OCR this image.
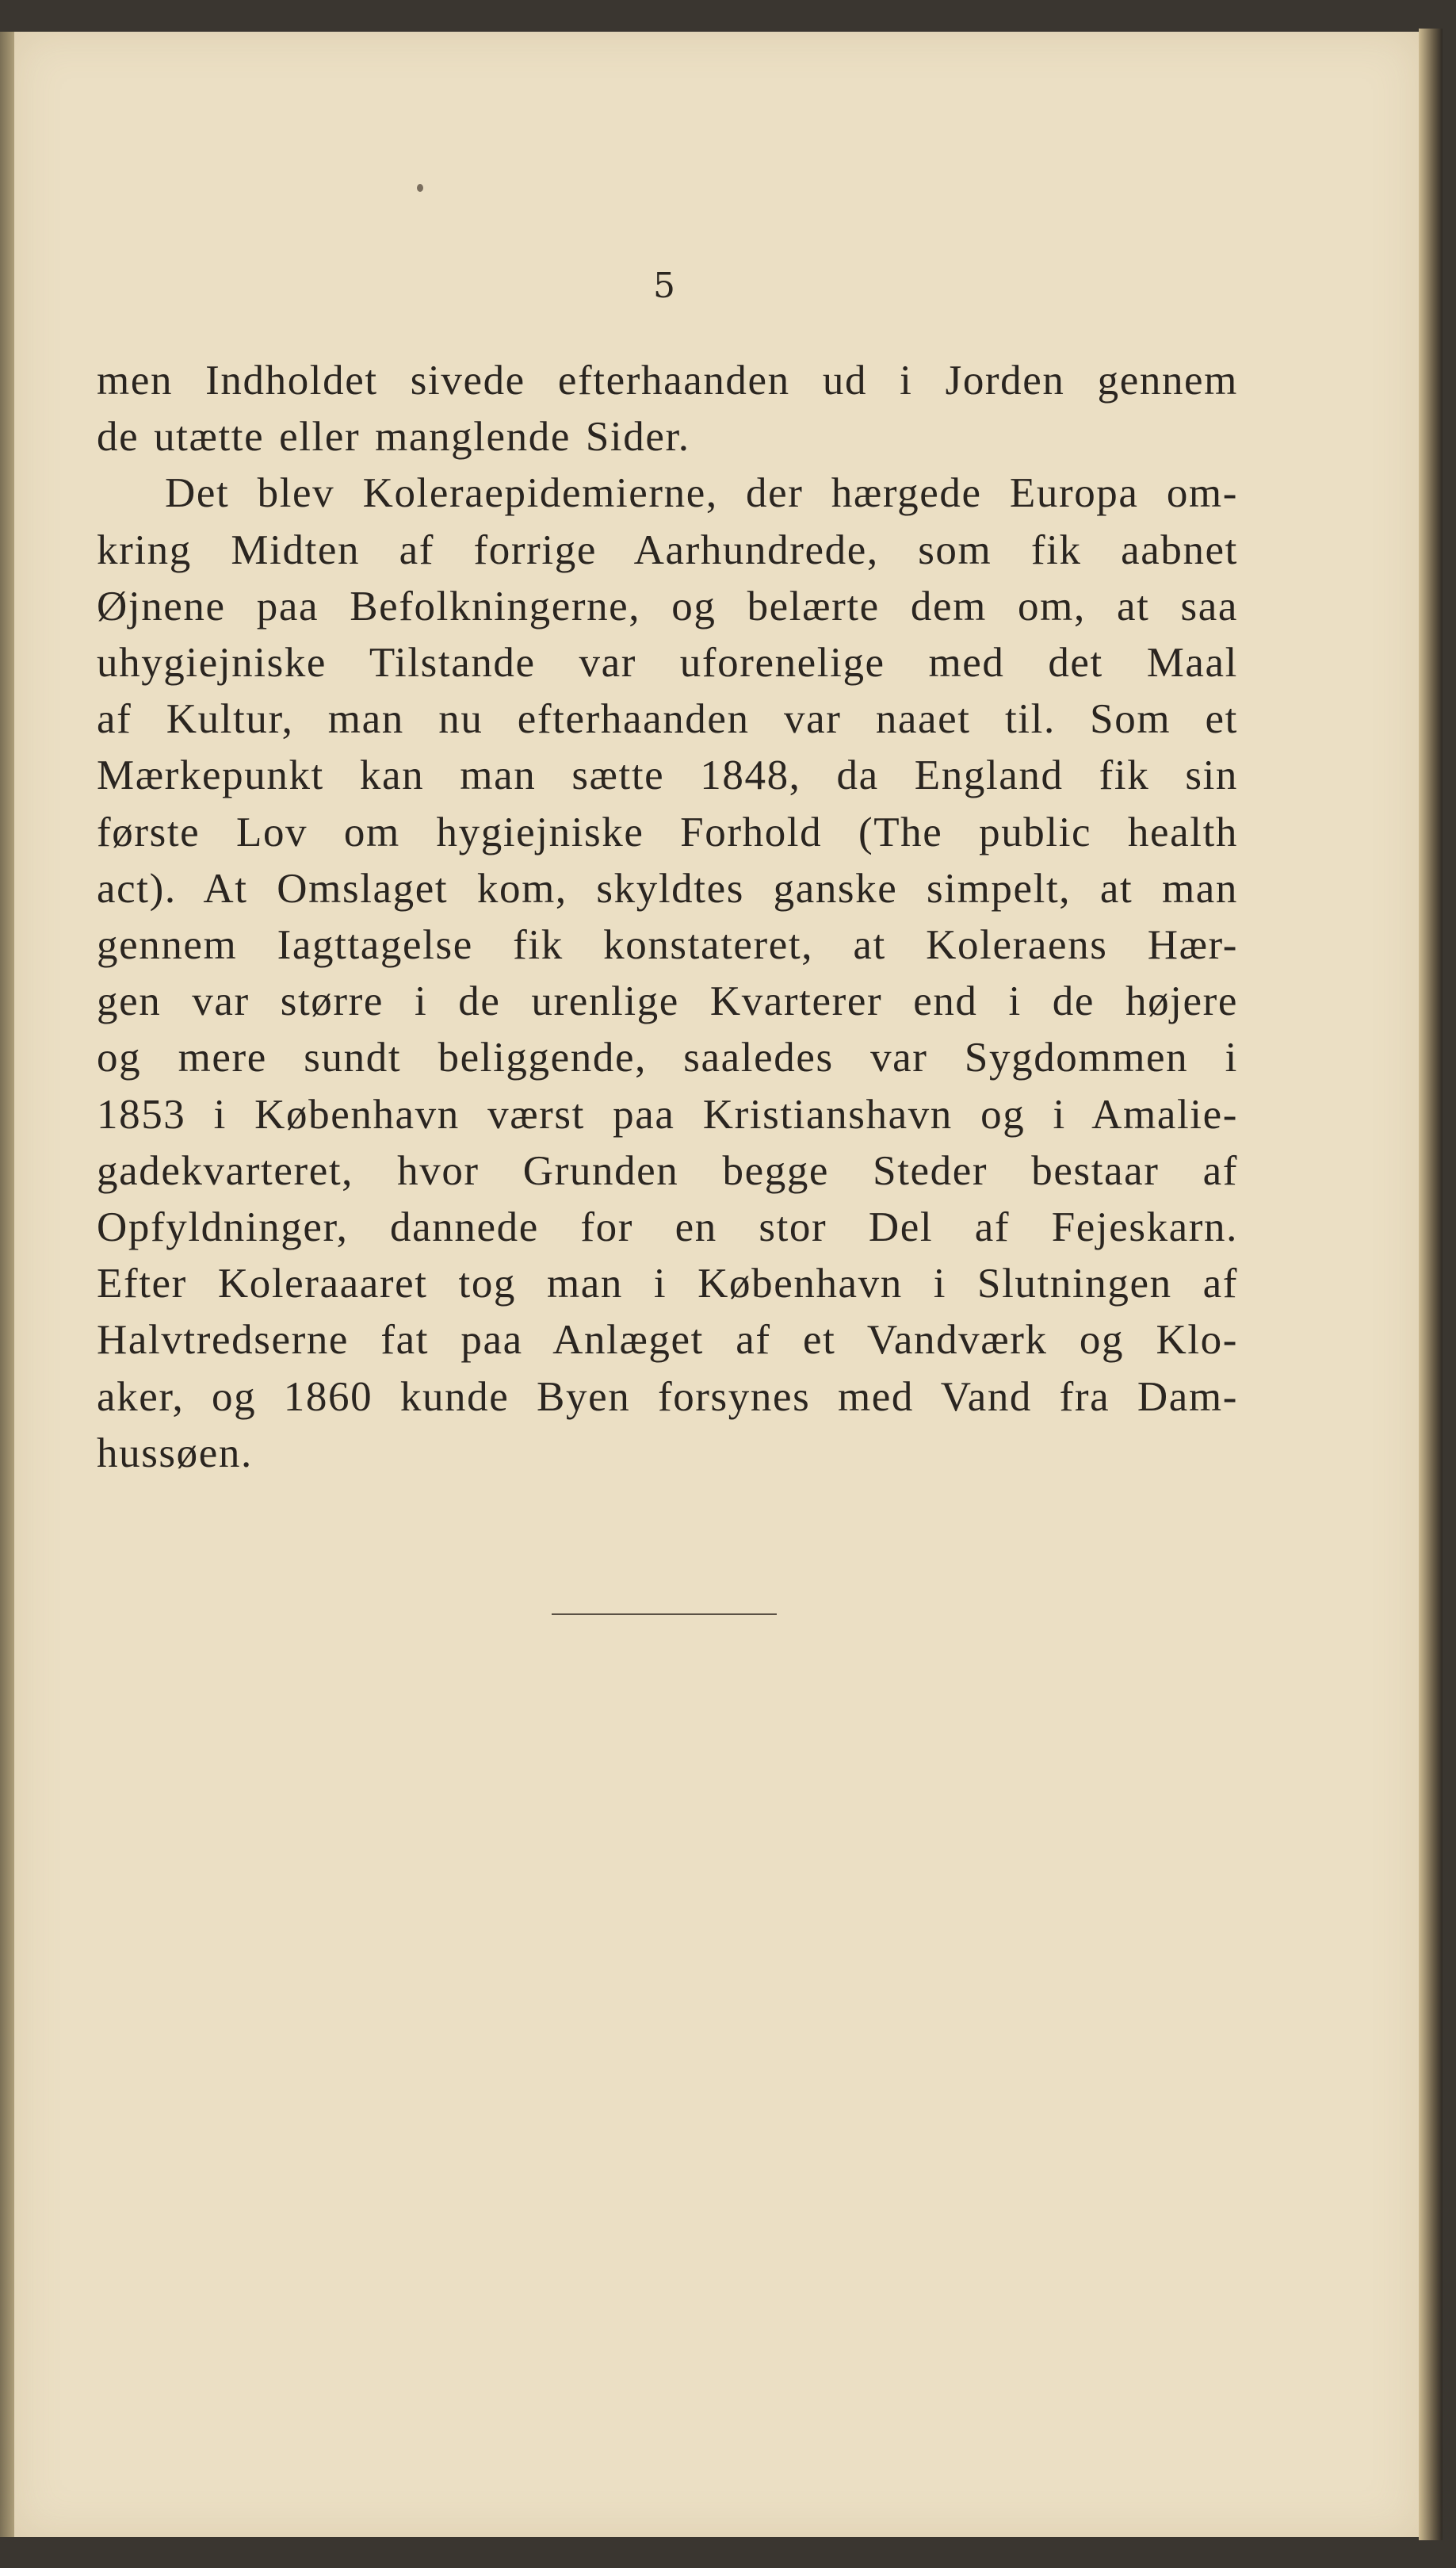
5
men Indholdet sivede efterhaanden ud i Jorden gennem
de utætte eller manglende Sider.
Det blev Koleraepidemierne, der hærgede Europa om-
kring Midten af forrige Aarhundrede, som fik aabnet
Øjnene paa Befolkningerne, og belærte dem om, at saa
uhygiejniske Tilstande var uforenelige med det Maal
af Kultur, man nu efterhaanden var naaet til. Som et
Mærkepunkt kan man sætte 1848, da England fik sin
første Lov om hygiejniske Forhold (The public health
act). At Omslaget kom, skyldtes ganske simpelt, at man
gennem Iagttagelse fik konstateret, at Koleraens Hær-
gen var større i de urenlige Kvarterer end i de højere
og mere sundt beliggende, saaledes var Sygdommen i
1853 i København værst paa Kristianshavn og i Amalie-
gadekvarteret, hvor Grunden begge Steder bestaar af
Opfyldninger, dannede for en stor Del af Fejeskarn.
Efter Koleraaaret tog man i København i Slutningen af
Halvtredserne fat paa Anlæget af et Vandværk og Klo-
aker, og 1860 kunde Byen forsynes med Vand fra Dam-
hussøen.
